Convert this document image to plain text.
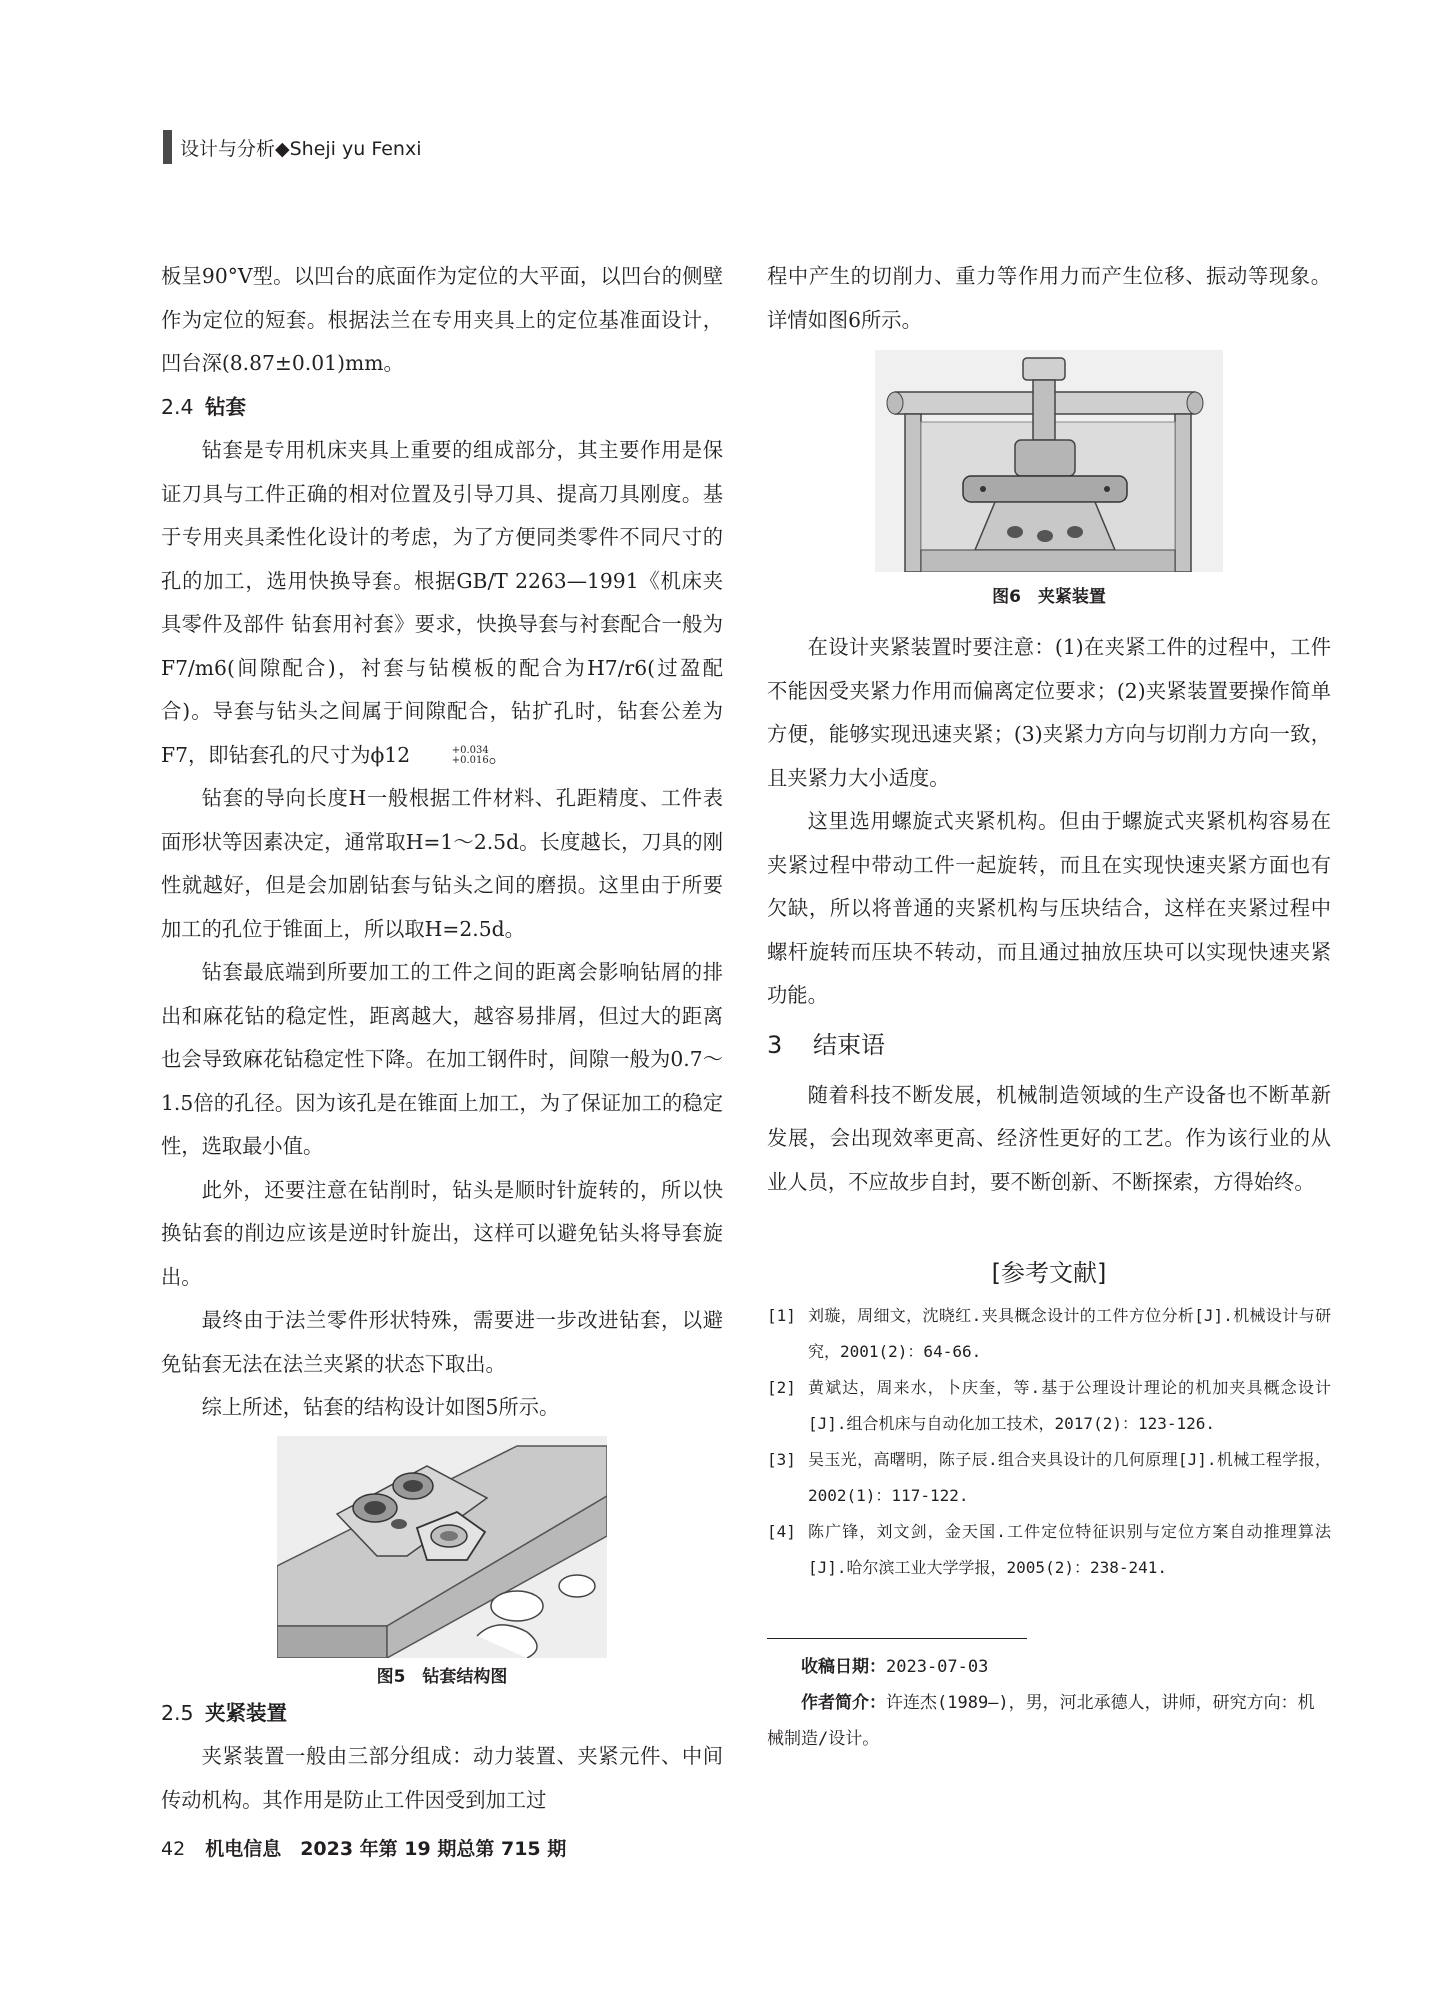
设计与分析◆Sheji yu Fenxi

板呈90°V型。以凹台的底面作为定位的大平面，以凹台的侧壁作为定位的短套。根据法兰在专用夹具上的定位基准面设计，凹台深(8.87±0.01)mm。

2.4 钻套

钻套是专用机床夹具上重要的组成部分，其主要作用是保证刀具与工件正确的相对位置及引导刀具、提高刀具刚度。基于专用夹具柔性化设计的考虑，为了方便同类零件不同尺寸的孔的加工，选用快换导套。根据GB/T 2263—1991《机床夹具零件及部件 钻套用衬套》要求，快换导套与衬套配合一般为F7/m6(间隙配合)，衬套与钻模板的配合为H7/r6(过盈配合)。导套与钻头之间属于间隙配合，钻扩孔时，钻套公差为F7，即钻套孔的尺寸为ϕ12	+0.034
+0.016 。

钻套的导向长度H一般根据工件材料、孔距精度、工件表面形状等因素决定，通常取H=1～2.5d。长度越长，刀具的刚性就越好，但是会加剧钻套与钻头之间的磨损。这里由于所要加工的孔位于锥面上，所以取H=2.5d。

钻套最底端到所要加工的工件之间的距离会影响钻屑的排出和麻花钻的稳定性，距离越大，越容易排屑，但过大的距离也会导致麻花钻稳定性下降。在加工钢件时，间隙一般为0.7～1.5倍的孔径。因为该孔是在锥面上加工，为了保证加工的稳定性，选取最小值。

此外，还要注意在钻削时，钻头是顺时针旋转的，所以快换钻套的削边应该是逆时针旋出，这样可以避免钻头将导套旋出。

最终由于法兰零件形状特殊，需要进一步改进钻套，以避免钻套无法在法兰夹紧的状态下取出。

综上所述，钻套的结构设计如图5所示。

图5　钻套结构图
2.5 夹紧装置

夹紧装置一般由三部分组成：动力装置、夹紧元件、中间传动机构。其作用是防止工件因受到加工过

程中产生的切削力、重力等作用力而产生位移、振动等现象。详情如图6所示。

图6　夹紧装置

在设计夹紧装置时要注意：(1)在夹紧工件的过程中，工件不能因受夹紧力作用而偏离定位要求；(2)夹紧装置要操作简单方便，能够实现迅速夹紧；(3)夹紧力方向与切削力方向一致，且夹紧力大小适度。

这里选用螺旋式夹紧机构。但由于螺旋式夹紧机构容易在夹紧过程中带动工件一起旋转，而且在实现快速夹紧方面也有欠缺，所以将普通的夹紧机构与压块结合，这样在夹紧过程中螺杆旋转而压块不转动，而且通过抽放压块可以实现快速夹紧功能。

3 结束语

随着科技不断发展，机械制造领域的生产设备也不断革新发展，会出现效率更高、经济性更好的工艺。作为该行业的从业人员，不应故步自封，要不断创新、不断探索，方得始终。

[参考文献]
[1] 刘璇，周细文，沈晓红.夹具概念设计的工件方位分析[J].机械设计与研究，2001(2)：64-66.
[2] 黄斌达，周来水，卜庆奎，等.基于公理设计理论的机加夹具概念设计[J].组合机床与自动化加工技术，2017(2)：123-126.
[3] 吴玉光，高曙明，陈子辰.组合夹具设计的几何原理[J].机械工程学报，2002(1)：117-122.
[4] 陈广锋，刘文剑，金天国.工件定位特征识别与定位方案自动推理算法[J].哈尔滨工业大学学报，2005(2)：238-241.
收稿日期：2023-07-03
作者简介：许连杰(1989—)，男，河北承德人，讲师，研究方向：机械制造/设计。
42 机电信息　2023 年第 19 期总第 715 期
